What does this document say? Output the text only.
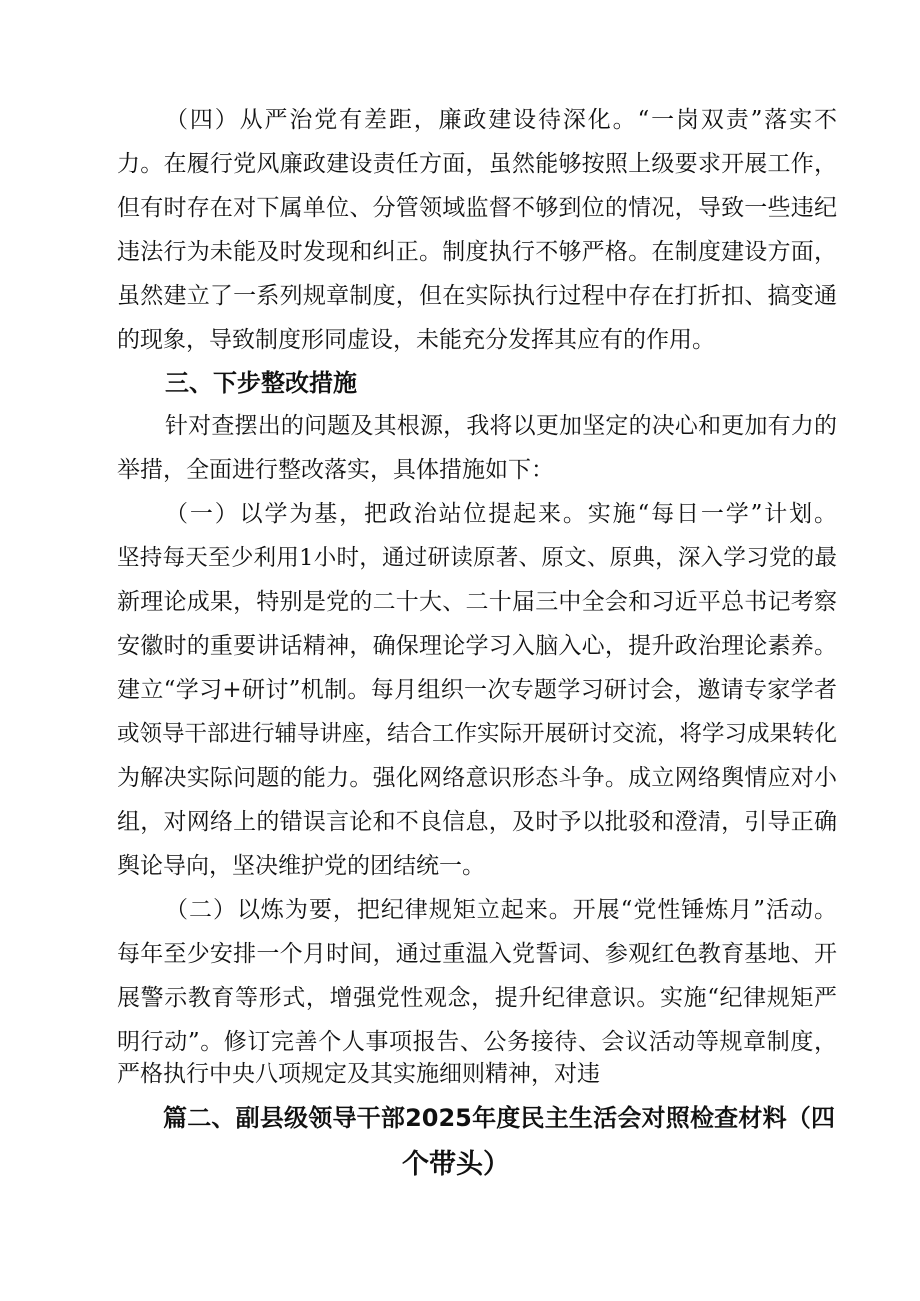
（四）从严治党有差距，廉政建设待深化。“一岗双责”落实不
力。在履行党风廉政建设责任方面，虽然能够按照上级要求开展工作，
但有时存在对下属单位、分管领域监督不够到位的情况，导致一些违纪
违法行为未能及时发现和纠正。制度执行不够严格。在制度建设方面，
虽然建立了一系列规章制度，但在实际执行过程中存在打折扣、搞变通
的现象，导致制度形同虚设，未能充分发挥其应有的作用。
三、下步整改措施
针对查摆出的问题及其根源，我将以更加坚定的决心和更加有力的
举措，全面进行整改落实，具体措施如下：
（一）以学为基，把政治站位提起来。实施“每日一学”计划。
坚持每天至少利用1小时，通过研读原著、原文、原典，深入学习党的最
新理论成果，特别是党的二十大、二十届三中全会和习近平总书记考察
安徽时的重要讲话精神，确保理论学习入脑入心，提升政治理论素养。
建立“学习+研讨”机制。每月组织一次专题学习研讨会，邀请专家学者
或领导干部进行辅导讲座，结合工作实际开展研讨交流，将学习成果转化
为解决实际问题的能力。强化网络意识形态斗争。成立网络舆情应对小
组，对网络上的错误言论和不良信息，及时予以批驳和澄清，引导正确
舆论导向，坚决维护党的团结统一。
（二）以炼为要，把纪律规矩立起来。开展“党性锤炼月”活动。
每年至少安排一个月时间，通过重温入党誓词、参观红色教育基地、开
展警示教育等形式，增强党性观念，提升纪律意识。实施“纪律规矩严
明行动”。修订完善个人事项报告、公务接待、会议活动等规章制度，
严格执行中央八项规定及其实施细则精神，对违
篇二、副县级领导干部2025年度民主生活会对照检查材料（四
个带头）
